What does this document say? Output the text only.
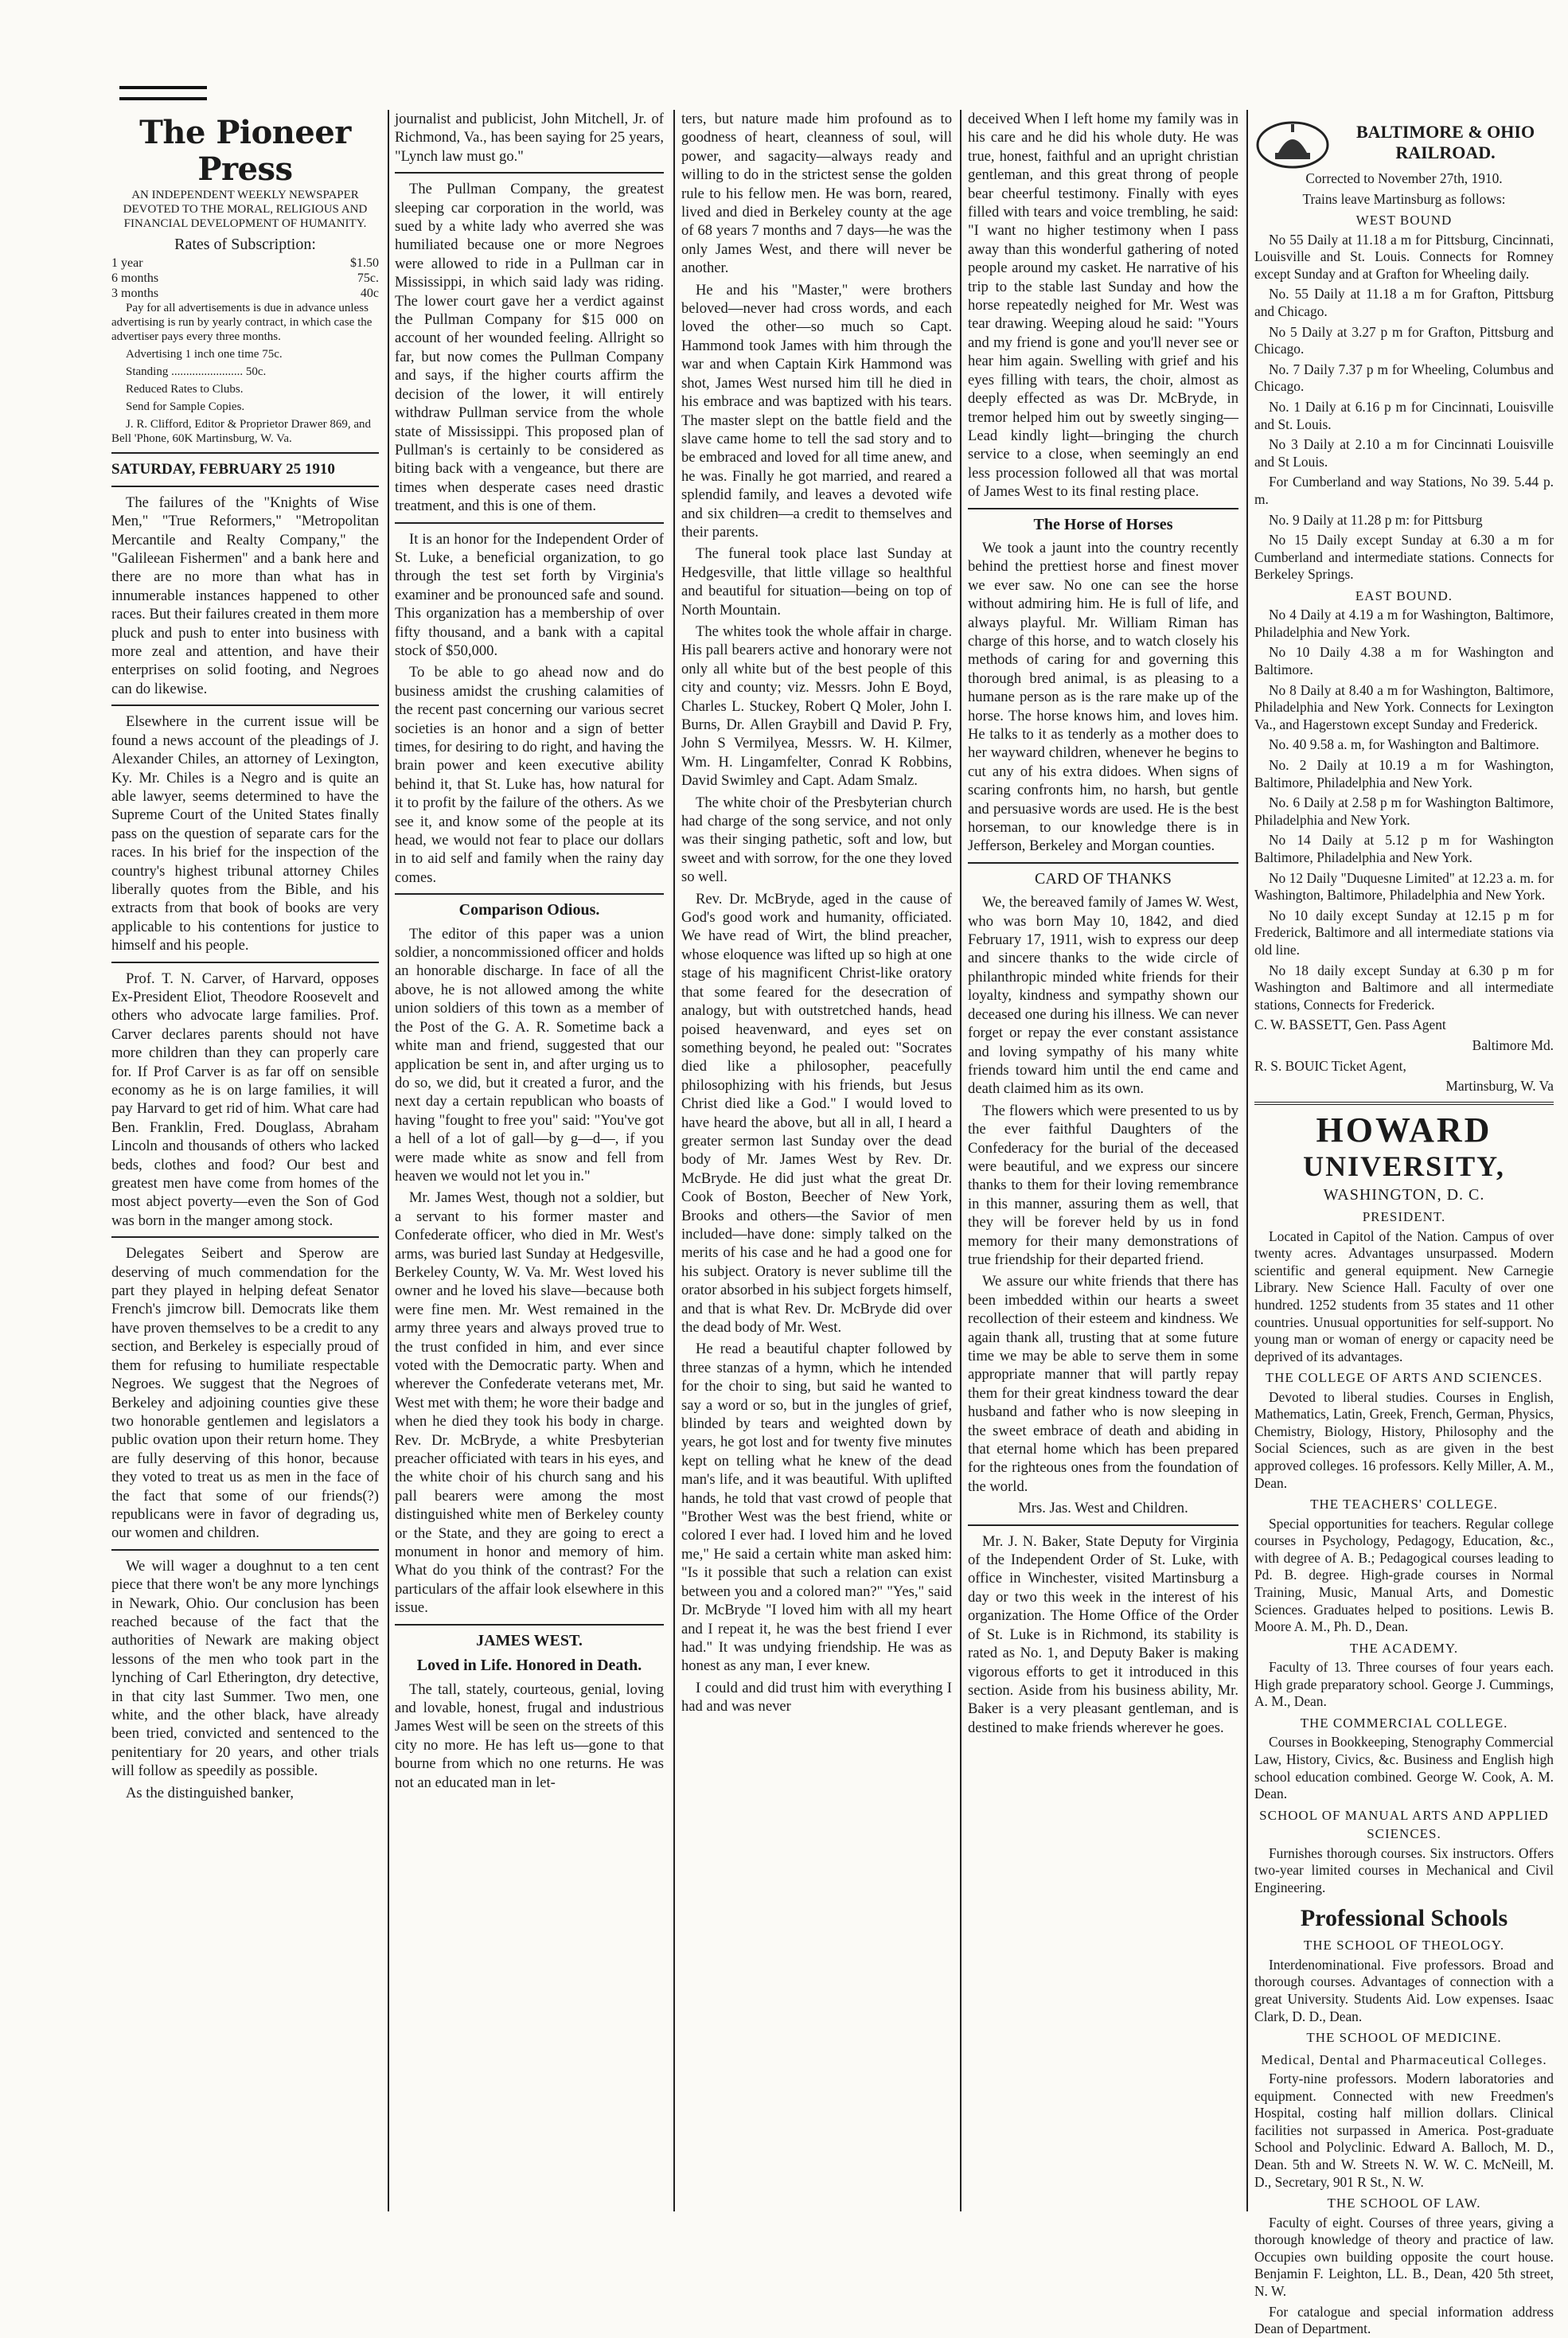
The Pioneer Press

AN INDEPENDENT WEEKLY NEWSPAPER DEVOTED TO THE MORAL, RELIGIOUS AND FINANCIAL DEVELOPMENT OF HUMANITY.

Rates of Subscription:
1 year	$1.50
6 months	75c.
3 months	40c

Pay for all advertisements is due in advance unless advertising is run by yearly contract, in which case the advertiser pays every three months.

Advertising 1 inch one time 75c.

Standing ........................ 50c.

Reduced Rates to Clubs.

Send for Sample Copies.

J. R. Clifford, Editor & Proprietor Drawer 869, and Bell 'Phone, 60K Martinsburg, W. Va.

SATURDAY, FEBRUARY 25 1910

The failures of the "Knights of Wise Men," "True Reformers," "Metropolitan Mercantile and Realty Company," the "Galileean Fishermen" and a bank here and there are no more than what has in innumerable instances happened to other races. But their failures created in them more pluck and push to enter into business with more zeal and attention, and have their enterprises on solid footing, and Negroes can do likewise.

Elsewhere in the current issue will be found a news account of the pleadings of J. Alexander Chiles, an attorney of Lexington, Ky. Mr. Chiles is a Negro and is quite an able lawyer, seems determined to have the Supreme Court of the United States finally pass on the question of separate cars for the races. In his brief for the inspection of the country's highest tribunal attorney Chiles liberally quotes from the Bible, and his extracts from that book of books are very applicable to his contentions for justice to himself and his people.

Prof. T. N. Carver, of Harvard, opposes Ex-President Eliot, Theodore Roosevelt and others who advocate large families. Prof. Carver declares parents should not have more children than they can properly care for. If Prof Carver is as far off on sensible economy as he is on large families, it will pay Harvard to get rid of him. What care had Ben. Franklin, Fred. Douglass, Abraham Lincoln and thousands of others who lacked beds, clothes and food? Our best and greatest men have come from homes of the most abject poverty—even the Son of God was born in the manger among stock.

Delegates Seibert and Sperow are deserving of much commendation for the part they played in helping defeat Senator French's jimcrow bill. Democrats like them have proven themselves to be a credit to any section, and Berkeley is especially proud of them for refusing to humiliate respectable Negroes. We suggest that the Negroes of Berkeley and adjoining counties give these two honorable gentlemen and legislators a public ovation upon their return home. They are fully deserving of this honor, because they voted to treat us as men in the face of the fact that some of our friends(?) republicans were in favor of degrading us, our women and children.

We will wager a doughnut to a ten cent piece that there won't be any more lynchings in Newark, Ohio. Our conclusion has been reached because of the fact that the authorities of Newark are making object lessons of the men who took part in the lynching of Carl Etherington, dry detective, in that city last Summer. Two men, one white, and the other black, have already been tried, convicted and sentenced to the penitentiary for 20 years, and other trials will follow as speedily as possible.

As the distinguished banker,

journalist and publicist, John Mitchell, Jr. of Richmond, Va., has been saying for 25 years, "Lynch law must go."

The Pullman Company, the greatest sleeping car corporation in the world, was sued by a white lady who averred she was humiliated because one or more Negroes were allowed to ride in a Pullman car in Mississippi, in which said lady was riding. The lower court gave her a verdict against the Pullman Company for $15 000 on account of her wounded feeling. Allright so far, but now comes the Pullman Company and says, if the higher courts affirm the decision of the lower, it will entirely withdraw Pullman service from the whole state of Mississippi. This proposed plan of Pullman's is certainly to be considered as biting back with a vengeance, but there are times when desperate cases need drastic treatment, and this is one of them.

It is an honor for the Independent Order of St. Luke, a beneficial organization, to go through the test set forth by Virginia's examiner and be pronounced safe and sound. This organization has a membership of over fifty thousand, and a bank with a capital stock of $50,000.

To be able to go ahead now and do business amidst the crushing calamities of the recent past concerning our various secret societies is an honor and a sign of better times, for desiring to do right, and having the brain power and keen executive ability behind it, that St. Luke has, how natural for it to profit by the failure of the others. As we see it, and know some of the people at its head, we would not fear to place our dollars in to aid self and family when the rainy day comes.

Comparison Odious.

The editor of this paper was a union soldier, a noncommissioned officer and holds an honorable discharge. In face of all the above, he is not allowed among the white union soldiers of this town as a member of the Post of the G. A. R. Sometime back a white man and friend, suggested that our application be sent in, and after urging us to do so, we did, but it created a furor, and the next day a certain republican who boasts of having "fought to free you" said: "You've got a hell of a lot of gall—by g—d—, if you were made white as snow and fell from heaven we would not let you in."

Mr. James West, though not a soldier, but a servant to his former master and Confederate officer, who died in Mr. West's arms, was buried last Sunday at Hedgesville, Berkeley County, W. Va. Mr. West loved his owner and he loved his slave—because both were fine men. Mr. West remained in the army three years and always proved true to the trust confided in him, and ever since voted with the Democratic party. When and wherever the Confederate veterans met, Mr. West met with them; he wore their badge and when he died they took his body in charge. Rev. Dr. McBryde, a white Presbyterian preacher officiated with tears in his eyes, and the white choir of his church sang and his pall bearers were among the most distinguished white men of Berkeley county or the State, and they are going to erect a monument in honor and memory of him. What do you think of the contrast? For the particulars of the affair look elsewhere in this issue.

JAMES WEST.
Loved in Life. Honored in Death.

The tall, stately, courteous, genial, loving and lovable, honest, frugal and industrious James West will be seen on the streets of this city no more. He has left us—gone to that bourne from which no one returns. He was not an educated man in let-

ters, but nature made him profound as to goodness of heart, cleanness of soul, will power, and sagacity—always ready and willing to do in the strictest sense the golden rule to his fellow men. He was born, reared, lived and died in Berkeley county at the age of 68 years 7 months and 7 days—he was the only James West, and there will never be another.

He and his "Master," were brothers beloved—never had cross words, and each loved the other—so much so Capt. Hammond took James with him through the war and when Captain Kirk Hammond was shot, James West nursed him till he died in his embrace and was baptized with his tears. The master slept on the battle field and the slave came home to tell the sad story and to be embraced and loved for all time anew, and he was. Finally he got married, and reared a splendid family, and leaves a devoted wife and six children—a credit to themselves and their parents.

The funeral took place last Sunday at Hedgesville, that little village so healthful and beautiful for situation—being on top of North Mountain.

The whites took the whole affair in charge. His pall bearers active and honorary were not only all white but of the best people of this city and county; viz. Messrs. John E Boyd, Charles L. Stuckey, Robert Q Moler, John I. Burns, Dr. Allen Graybill and David P. Fry, John S Vermilyea, Messrs. W. H. Kilmer, Wm. H. Lingamfelter, Conrad K Robbins, David Swimley and Capt. Adam Smalz.

The white choir of the Presbyterian church had charge of the song service, and not only was their singing pathetic, soft and low, but sweet and with sorrow, for the one they loved so well.

Rev. Dr. McBryde, aged in the cause of God's good work and humanity, officiated. We have read of Wirt, the blind preacher, whose eloquence was lifted up so high at one stage of his magnificent Christ-like oratory that some feared for the desecration of analogy, but with outstretched hands, head poised heavenward, and eyes set on something beyond, he pealed out: "Socrates died like a philosopher, peacefully philosophizing with his friends, but Jesus Christ died like a God." I would loved to have heard the above, but all in all, I heard a greater sermon last Sunday over the dead body of Mr. James West by Rev. Dr. McBryde. He did just what the great Dr. Cook of Boston, Beecher of New York, Brooks and others—the Savior of men included—have done: simply talked on the merits of his case and he had a good one for his subject. Oratory is never sublime till the orator absorbed in his subject forgets himself, and that is what Rev. Dr. McBryde did over the dead body of Mr. West.

He read a beautiful chapter followed by three stanzas of a hymn, which he intended for the choir to sing, but said he wanted to say a word or so, but in the jungles of grief, blinded by tears and weighted down by years, he got lost and for twenty five minutes kept on telling what he knew of the dead man's life, and it was beautiful. With uplifted hands, he told that vast crowd of people that "Brother West was the best friend, white or colored I ever had. I loved him and he loved me," He said a certain white man asked him: "Is it possible that such a relation can exist between you and a colored man?" "Yes," said Dr. McBryde "I loved him with all my heart and I repeat it, he was the best friend I ever had." It was undying friendship. He was as honest as any man, I ever knew.

I could and did trust him with everything I had and was never

deceived When I left home my family was in his care and he did his whole duty. He was true, honest, faithful and an upright christian gentleman, and this great throng of people bear cheerful testimony. Finally with eyes filled with tears and voice trembling, he said: "I want no higher testimony when I pass away than this wonderful gathering of noted people around my casket. He narrative of his trip to the stable last Sunday and how the horse repeatedly neighed for Mr. West was tear drawing. Weeping aloud he said: "Yours and my friend is gone and you'll never see or hear him again. Swelling with grief and his eyes filling with tears, the choir, almost as deeply effected as was Dr. McBryde, in tremor helped him out by sweetly singing—Lead kindly light—bringing the church service to a close, when seemingly an end less procession followed all that was mortal of James West to its final resting place.

The Horse of Horses

We took a jaunt into the country recently behind the prettiest horse and finest mover we ever saw. No one can see the horse without admiring him. He is full of life, and always playful. Mr. William Riman has charge of this horse, and to watch closely his methods of caring for and governing this thorough bred animal, is as pleasing to a humane person as is the rare make up of the horse. The horse knows him, and loves him. He talks to it as tenderly as a mother does to her wayward children, whenever he begins to cut any of his extra didoes. When signs of scaring confronts him, no harsh, but gentle and persuasive words are used. He is the best horseman, to our knowledge there is in Jefferson, Berkeley and Morgan counties.

CARD OF THANKS

We, the bereaved family of James W. West, who was born May 10, 1842, and died February 17, 1911, wish to express our deep and sincere thanks to the wide circle of philanthropic minded white friends for their loyalty, kindness and sympathy shown our deceased one during his illness. We can never forget or repay the ever constant assistance and loving sympathy of his many white friends toward him until the end came and death claimed him as its own.

The flowers which were presented to us by the ever faithful Daughters of the Confederacy for the burial of the deceased were beautiful, and we express our sincere thanks to them for their loving remembrance in this manner, assuring them as well, that they will be forever held by us in fond memory for their many demonstrations of true friendship for their departed friend.

We assure our white friends that there has been imbedded within our hearts a sweet recollection of their esteem and kindness. We again thank all, trusting that at some future time we may be able to serve them in some appropriate manner that will partly repay them for their great kindness toward the dear husband and father who is now sleeping in the sweet embrace of death and abiding in that eternal home which has been prepared for the righteous ones from the foundation of the world.

Mrs. Jas. West and Children.

Mr. J. N. Baker, State Deputy for Virginia of the Independent Order of St. Luke, with office in Winchester, visited Martinsburg a day or two this week in the interest of his organization. The Home Office of the Order of St. Luke is in Richmond, its stability is rated as No. 1, and Deputy Baker is making vigorous efforts to get it introduced in this section. Aside from his business ability, Mr. Baker is a very pleasant gentleman, and is destined to make friends wherever he goes.

BALTIMORE & OHIO RAILROAD.

Corrected to November 27th, 1910.

Trains leave Martinsburg as follows:

WEST BOUND

No 55 Daily at 11.18 a m for Pittsburg, Cincinnati, Louisville and St. Louis. Connects for Romney except Sunday and at Grafton for Wheeling daily.

No. 55 Daily at 11.18 a m for Grafton, Pittsburg and Chicago.

No 5 Daily at 3.27 p m for Grafton, Pittsburg and Chicago.

No. 7 Daily 7.37 p m for Wheeling, Columbus and Chicago.

No. 1 Daily at 6.16 p m for Cincinnati, Louisville and St. Louis.

No 3 Daily at 2.10 a m for Cincinnati Louisville and St Louis.

For Cumberland and way Stations, No 39. 5.44 p. m.

No. 9 Daily at 11.28 p m: for Pittsburg

No 15 Daily except Sunday at 6.30 a m for Cumberland and intermediate stations. Connects for Berkeley Springs.

EAST BOUND.

No 4 Daily at 4.19 a m for Washington, Baltimore, Philadelphia and New York.

No 10 Daily 4.38 a m for Washington and Baltimore.

No 8 Daily at 8.40 a m for Washington, Baltimore, Philadelphia and New York. Connects for Lexington Va., and Hagerstown except Sunday and Frederick.

No. 40 9.58 a. m, for Washington and Baltimore.

No. 2 Daily at 10.19 a m for Washington, Baltimore, Philadelphia and New York.

No. 6 Daily at 2.58 p m for Washington Baltimore, Philadelphia and New York.

No 14 Daily at 5.12 p m for Washington Baltimore, Philadelphia and New York.

No 12 Daily "Duquesne Limited" at 12.23 a. m. for Washington, Baltimore, Philadelphia and New York.

No 10 daily except Sunday at 12.15 p m for Frederick, Baltimore and all intermediate stations via old line.

No 18 daily except Sunday at 6.30 p m for Washington and Baltimore and all intermediate stations, Connects for Frederick.

C. W. BASSETT, Gen. Pass Agent

Baltimore Md.

R. S. BOUIC Ticket Agent,

Martinsburg, W. Va

HOWARD
UNIVERSITY,
WASHINGTON, D. C.
PRESIDENT.

Located in Capitol of the Nation. Campus of over twenty acres. Advantages unsurpassed. Modern scientific and general equipment. New Carnegie Library. New Science Hall. Faculty of over one hundred. 1252 students from 35 states and 11 other countries. Unusual opportunities for self-support. No young man or woman of energy or capacity need be deprived of its advantages.

THE COLLEGE OF ARTS AND SCIENCES.

Devoted to liberal studies. Courses in English, Mathematics, Latin, Greek, French, German, Physics, Chemistry, Biology, History, Philosophy and the Social Sciences, such as are given in the best approved colleges. 16 professors. Kelly Miller, A. M., Dean.

THE TEACHERS' COLLEGE.

Special opportunities for teachers. Regular college courses in Psychology, Pedagogy, Education, &c., with degree of A. B.; Pedagogical courses leading to Pd. B. degree. High-grade courses in Normal Training, Music, Manual Arts, and Domestic Sciences. Graduates helped to positions. Lewis B. Moore A. M., Ph. D., Dean.

THE ACADEMY.

Faculty of 13. Three courses of four years each. High grade preparatory school. George J. Cummings, A. M., Dean.

THE COMMERCIAL COLLEGE.

Courses in Bookkeeping, Stenography Commercial Law, History, Civics, &c. Business and English high school education combined. George W. Cook, A. M. Dean.

SCHOOL OF MANUAL ARTS AND APPLIED SCIENCES.

Furnishes thorough courses. Six instructors. Offers two-year limited courses in Mechanical and Civil Engineering.

Professional Schools
THE SCHOOL OF THEOLOGY.

Interdenominational. Five professors. Broad and thorough courses. Advantages of connection with a great University. Students Aid. Low expenses. Isaac Clark, D. D., Dean.

THE SCHOOL OF MEDICINE.
Medical, Dental and Pharmaceutical Colleges.

Forty-nine professors. Modern laboratories and equipment. Connected with new Freedmen's Hospital, costing half million dollars. Clinical facilities not surpassed in America. Post-graduate School and Polyclinic. Edward A. Balloch, M. D., Dean. 5th and W. Streets N. W. W. C. McNeill, M. D., Secretary, 901 R St., N. W.

THE SCHOOL OF LAW.

Faculty of eight. Courses of three years, giving a thorough knowledge of theory and practice of law. Occupies own building opposite the court house. Benjamin F. Leighton, LL. B., Dean, 420 5th street, N. W.

For catalogue and special information address Dean of Department.
